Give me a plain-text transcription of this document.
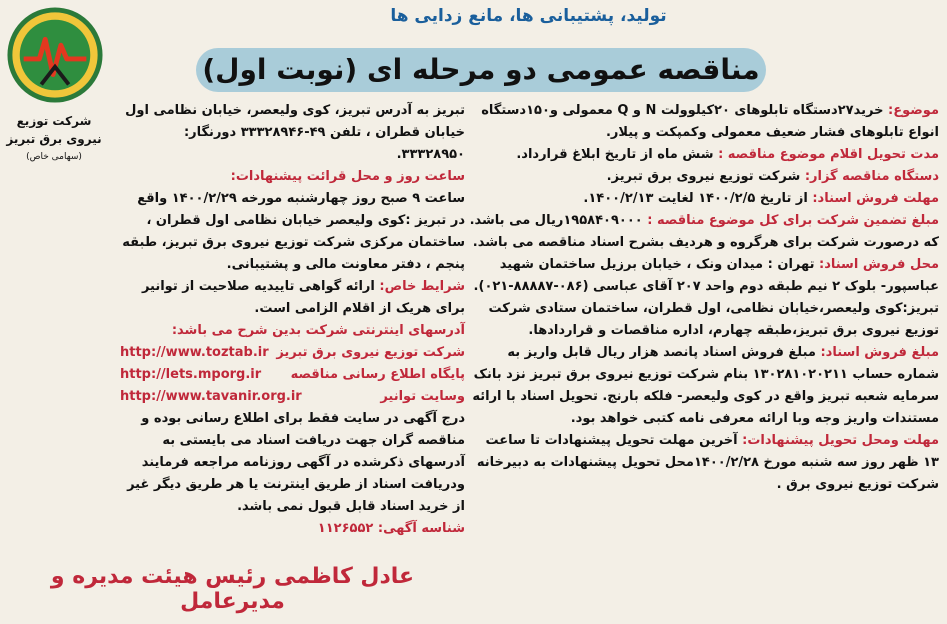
تولید، پشتیبانی ها، مانع زدایی ها
مناقصه عمومی دو مرحله ای (نوبت اول)
شرکت توزیع
نیروی برق تبریز
(سهامی خاص)

موضوع: خرید۲۷دستگاه تابلوهای ۲۰کیلوولت N و Q معمولی و۱۵۰دستگاه انواع تابلوهای فشار ضعیف معمولی وکمپکت و پیلار.

مدت تحویل اقلام موضوع مناقصه : شش ماه از تاریخ ابلاغ قرارداد.

دستگاه مناقصه گزار: شرکت توزیع نیروی برق تبریز.

مهلت فروش اسناد: از تاریخ ۱۴۰۰/۲/۵ لغایت ۱۴۰۰/۲/۱۳.

مبلغ تضمین شرکت برای کل موضوع مناقصه : ۱۹۵۸۴۰۹۰۰۰ریال می باشد. که درصورت شرکت برای هرگروه و هردیف بشرح اسناد مناقصه می باشد.

محل فروش اسناد: تهران : میدان ونک ، خیابان برزیل ساختمان شهید عباسپور- بلوک ۲ نیم طبقه دوم واحد ۲۰۷ آقای عباسی (۰۸۶-۸۸۸۸۷-۰۲۱). تبریز:کوی ولیعصر،خیابان نظامی، اول قطران، ساختمان ستادی شرکت توزیع نیروی برق تبریز،طبقه چهارم، اداره مناقصات و قراردادها.

مبلغ فروش اسناد: مبلغ فروش اسناد پانصد هزار ریال قابل واریز به شماره حساب ۱۳۰۲۸۱۰۲۰۲۱۱ بنام شرکت توزیع نیروی برق تبریز نزد بانک سرمایه شعبه تبریز واقع در کوی ولیعصر- فلکه بارنج. تحویل اسناد با ارائه مستندات واریز وجه وبا ارائه معرفی نامه کتبی خواهد بود.

مهلت ومحل تحویل پیشنهادات: آخرین مهلت تحویل پیشنهادات تا ساعت ۱۳ ظهر روز سه شنبه مورخ ۱۴۰۰/۲/۲۸محل تحویل پیشنهادات به دبیرخانه شرکت توزیع نیروی برق .

تبریز به آدرس تبریز، کوی ولیعصر، خیابان نظامی اول خیابان قطران ، تلفن ۴۹-۳۳۳۲۸۹۴۶ دورنگار: ۳۳۳۲۸۹۵۰.

ساعت روز و محل قرائت پیشنهادات:

ساعت ۹ صبح روز چهارشنبه مورخه ۱۴۰۰/۲/۲۹ واقع در تبریز :کوی ولیعصر خیابان نظامی اول قطران ، ساختمان مرکزی شرکت توزیع نیروی برق تبریز، طبقه پنجم ، دفتر معاونت مالی و پشتیبانی.

شرایط خاص: ارائه گواهی تاییدیه صلاحیت از توانیر برای هریک از اقلام الزامی است.

آدرسهای اینترنتی شرکت بدین شرح می باشد:

شرکت توزیع نیروی برق تبریز
http://www.toztab.ir
پایگاه اطلاع رسانی مناقصه
http://lets.mporg.ir
وسایت توانیر
http://www.tavanir.org.ir

درج آگهی در سایت فقط برای اطلاع رسانی بوده و مناقصه گران جهت دریافت اسناد می بایستی به آدرسهای ذکرشده در آگهی روزنامه مراجعه فرمایند ودریافت اسناد از طریق اینترنت یا هر طریق دیگر غیر از خرید اسناد قابل قبول نمی باشد.

شناسه آگهی: ۱۱۲۶۵۵۲

عادل کاظمی رئیس هیئت مدیره و مدیرعامل
